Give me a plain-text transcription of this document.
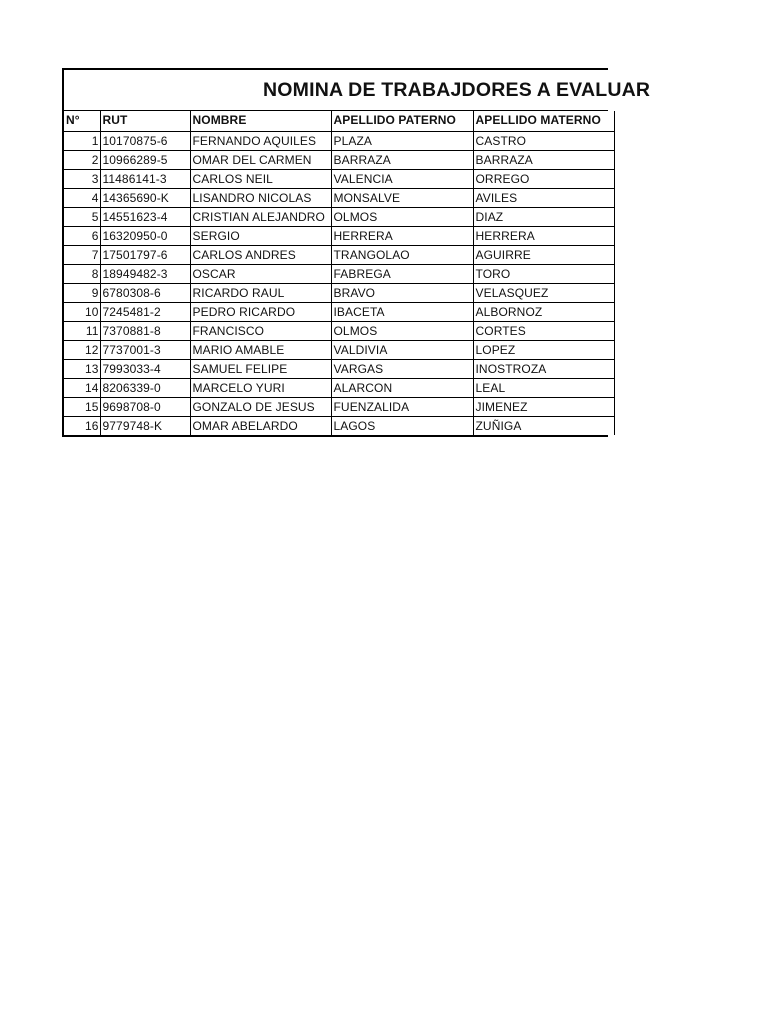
NOMINA DE TRABAJDORES A EVALUAR
N°	RUT	NOMBRE	APELLIDO PATERNO	APELLIDO MATERNO
1	10170875-6	FERNANDO AQUILES	PLAZA	CASTRO
2	10966289-5	OMAR DEL CARMEN	BARRAZA	BARRAZA
3	11486141-3	CARLOS NEIL	VALENCIA	ORREGO
4	14365690-K	LISANDRO NICOLAS	MONSALVE	AVILES
5	14551623-4	CRISTIAN ALEJANDRO	OLMOS	DIAZ
6	16320950-0	SERGIO	HERRERA	HERRERA
7	17501797-6	CARLOS ANDRES	TRANGOLAO	AGUIRRE
8	18949482-3	OSCAR	FABREGA	TORO
9	6780308-6	RICARDO RAUL	BRAVO	VELASQUEZ
10	7245481-2	PEDRO RICARDO	IBACETA	ALBORNOZ
11	7370881-8	FRANCISCO	OLMOS	CORTES
12	7737001-3	MARIO AMABLE	VALDIVIA	LOPEZ
13	7993033-4	SAMUEL FELIPE	VARGAS	INOSTROZA
14	8206339-0	MARCELO YURI	ALARCON	LEAL
15	9698708-0	GONZALO DE JESUS	FUENZALIDA	JIMENEZ
16	9779748-K	OMAR ABELARDO	LAGOS	ZUÑIGA
